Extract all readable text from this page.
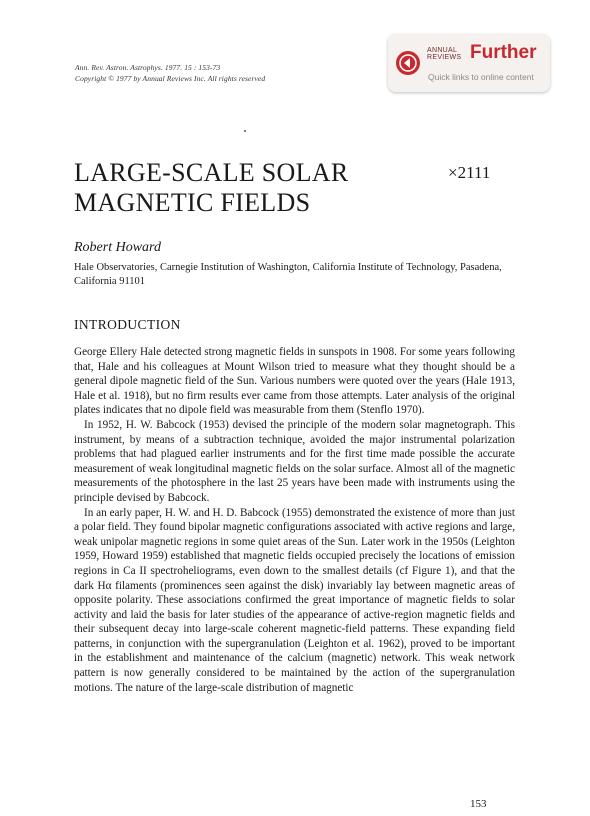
Ann. Rev. Astron. Astrophys. 1977. 15 : 153-73
Copyright © 1977 by Annual Reviews Inc. All rights reserved
ANNUAL
REVIEWS Further
Quick links to online content
LARGE-SCALE SOLAR
MAGNETIC FIELDS
×2111
Robert Howard
Hale Observatories, Carnegie Institution of Washington, California Institute of Technology, Pasadena, California 91101
INTRODUCTION

George Ellery Hale detected strong magnetic fields in sunspots in 1908. For some years following that, Hale and his colleagues at Mount Wilson tried to measure what they thought should be a general dipole magnetic field of the Sun. Various numbers were quoted over the years (Hale 1913, Hale et al. 1918), but no firm results ever came from those attempts. Later analysis of the original plates indicates that no dipole field was measurable from them (Stenflo 1970).

In 1952, H. W. Babcock (1953) devised the principle of the modern solar magnetograph. This instrument, by means of a subtraction technique, avoided the major instrumental polarization problems that had plagued earlier instruments and for the first time made possible the accurate measurement of weak longitudinal magnetic fields on the solar surface. Almost all of the magnetic measurements of the photosphere in the last 25 years have been made with instruments using the principle devised by Babcock.

In an early paper, H. W. and H. D. Babcock (1955) demonstrated the existence of more than just a polar field. They found bipolar magnetic configurations associated with active regions and large, weak unipolar magnetic regions in some quiet areas of the Sun. Later work in the 1950s (Leighton 1959, Howard 1959) established that magnetic fields occupied precisely the locations of emission regions in Ca II spectroheliograms, even down to the smallest details (cf Figure 1), and that the dark Hα filaments (prominences seen against the disk) invariably lay between magnetic areas of opposite polarity. These associations confirmed the great importance of magnetic fields to solar activity and laid the basis for later studies of the appearance of active-region magnetic fields and their subsequent decay into large-scale coherent magnetic-field patterns. These expanding field patterns, in conjunction with the supergranulation (Leighton et al. 1962), proved to be important in the establishment and maintenance of the calcium (magnetic) network. This weak network pattern is now generally considered to be maintained by the action of the supergranulation motions. The nature of the large-scale distribution of magnetic

153
